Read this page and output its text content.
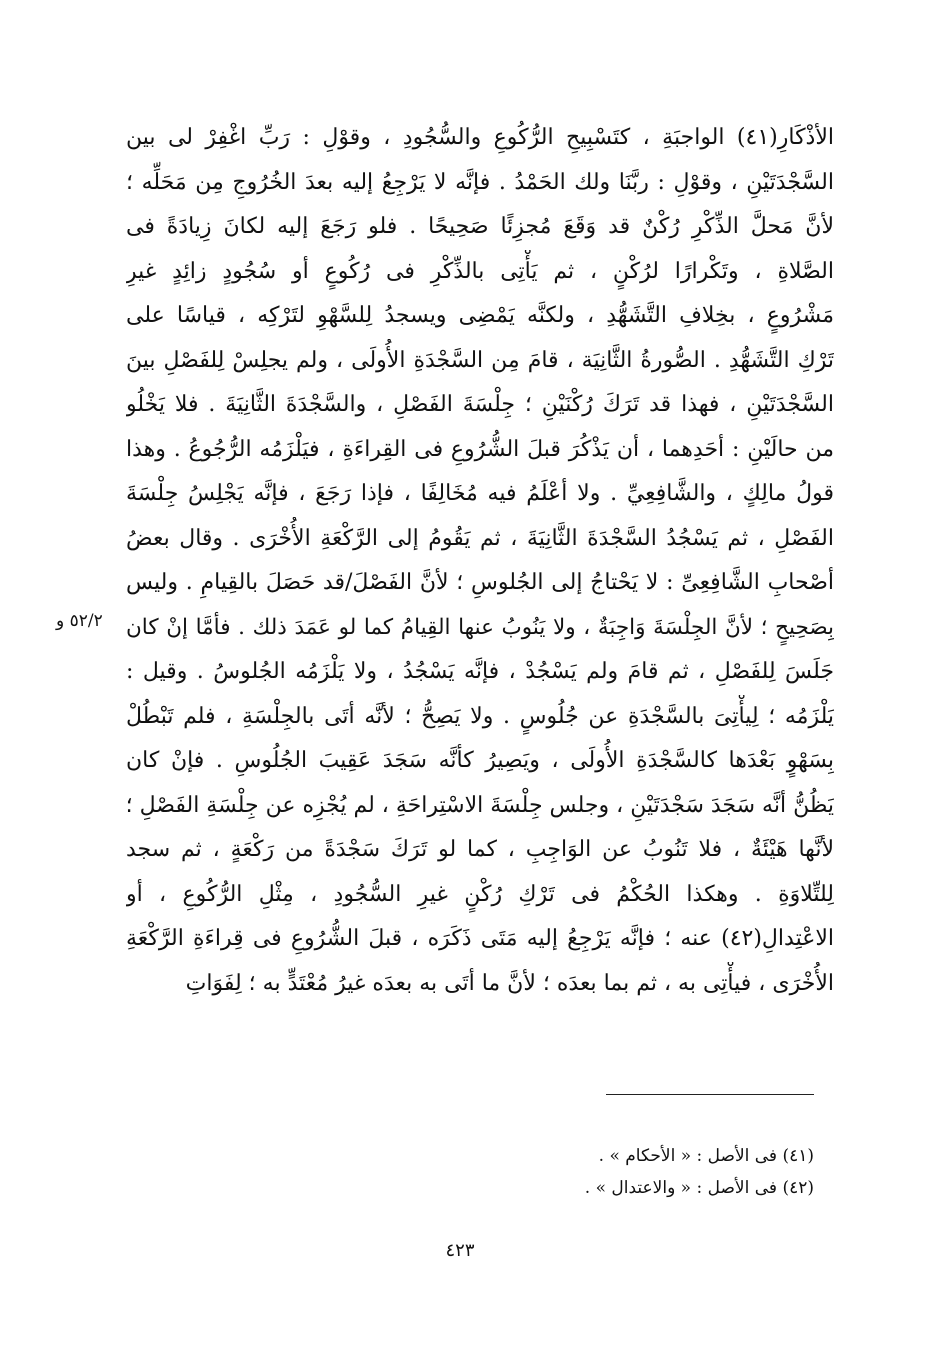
الأذْكَارِ(٤١) الواجبَةِ ، كتَسْبِيحِ الرُّكُوعِ والسُّجُودِ ، وقوْلِ : رَبِّ اغْفِرْ لى بين
السَّجْدَتَيْنِ ، وقوْلِ : ربَّنَا ولك الحَمْدُ . فإنَّه لا يَرْجِعُ إليه بعدَ الخُرُوجِ مِن مَحَلِّه ؛
لأنَّ مَحلَّ الذِّكْرِ رُكْنٌ قد وَقَعَ مُجزِئًا صَحِيحًا . فلو رَجَعَ إليه لكانَ زِيادَةً فى
الصَّلاةِ ، وتَكْرارًا لرُكْنٍ ، ثم يَأْتِى بالذِّكْرِ فى رُكُوعٍ أو سُجُودٍ زائِدٍ غيرِ
مَشْرُوعٍ ، بخِلافِ التَّشَهُّدِ ، ولكنَّه يَمْضِى ويسجدُ لِلسَّهْوِ لتَرْكِه ، قياسًا على
تَرْكِ التَّشَهُّدِ . الصُّورةُ الثَّانِيَة ، قامَ مِن السَّجْدَةِ الأُولَى ، ولم يجلِسْ لِلفَصْلِ بينَ
السَّجْدَتَيْنِ ، فهذا قد تَرَكَ رُكْنَيْنِ ؛ جِلْسَةَ الفَصْلِ ، والسَّجْدَةَ الثَّانِيَةَ . فلا يَخْلُو
من حالَيْنِ : أحَدِهما ، أن يَذْكُرَ قبلَ الشُّرُوعِ فى القِراءَةِ ، فيَلْزَمُه الرُّجُوعُ . وهذا
قولُ مالِكٍ ، والشَّافِعِيِّ . ولا أعْلَمُ فيه مُخَالِفًا ، فإذا رَجَعَ ، فإنَّه يَجْلِسُ جِلْسَةَ
الفَصْلِ ، ثم يَسْجُدُ السَّجْدَةَ الثَّانِيَةَ ، ثم يَقُومُ إلى الرَّكْعَةِ الأُخْرَى . وقال بعضُ
أصْحابِ الشَّافِعِىِّ : لا يَحْتاجُ إلى الجُلوسِ ؛ لأنَّ الفَصْلَ/قد حَصَلَ بالقِيامِ . وليس
بِصَحِيحٍ ؛ لأنَّ الجِلْسَةَ وَاجِبَةٌ ، ولا يَنُوبُ عنها القِيامُ كما لو عَمَدَ ذلك . فأمَّا إنْ كان
جَلَسَ لِلفَصْلِ ، ثم قامَ ولم يَسْجُدْ ، فإنَّه يَسْجُدُ ، ولا يَلْزَمُه الجُلوسُ . وقيل :
يَلْزَمُه ؛ لِيأْتِىَ بالسَّجْدَةِ عن جُلُوسٍ . ولا يَصِحُّ ؛ لأنَّه أتَى بالجِلْسَةِ ، فلم تَبْطُلْ
بِسَهْوٍ بَعْدَها كالسَّجْدَةِ الأُولَى ، ويَصِيرُ كأنَّه سَجَدَ عَقِيبَ الجُلُوسِ . فإنْ كان
يَظُنُّ أنَّه سَجَدَ سَجْدَتَيْنِ ، وجلس جِلْسَةَ الاسْتِراحَةِ ، لم يُجْزِه عن جِلْسَةِ الفَصْلِ ؛
لأنَّها هَيْئَةٌ ، فلا تَنُوبُ عن الوَاجِبِ ، كما لو تَرَكَ سَجْدَةً من رَكْعَةٍ ، ثم سجد
لِلتِّلاوَةِ . وهكذا الحُكْمُ فى تَرْكِ رُكْنٍ غيرِ السُّجُودِ ، مِثْلِ الرُّكُوعِ ، أو
الاعْتِدالِ(٤٢) عنه ؛ فإنَّه يَرْجِعُ إليه مَتَى ذَكَرَه ، قبلَ الشُّرُوعِ فى قِراءَةِ الرَّكْعَةِ
الأُخْرَى ، فيأْتِى به ، ثم بما بعدَه ؛ لأنَّ ما أتَى به بعدَه غيرُ مُعْتَدٍّ به ؛ لِفَوَاتِ
٥٢/٢ و
(٤١) فى الأصل : « الأحكام » .
(٤٢) فى الأصل : « والاعتدال » .
٤٢٣
